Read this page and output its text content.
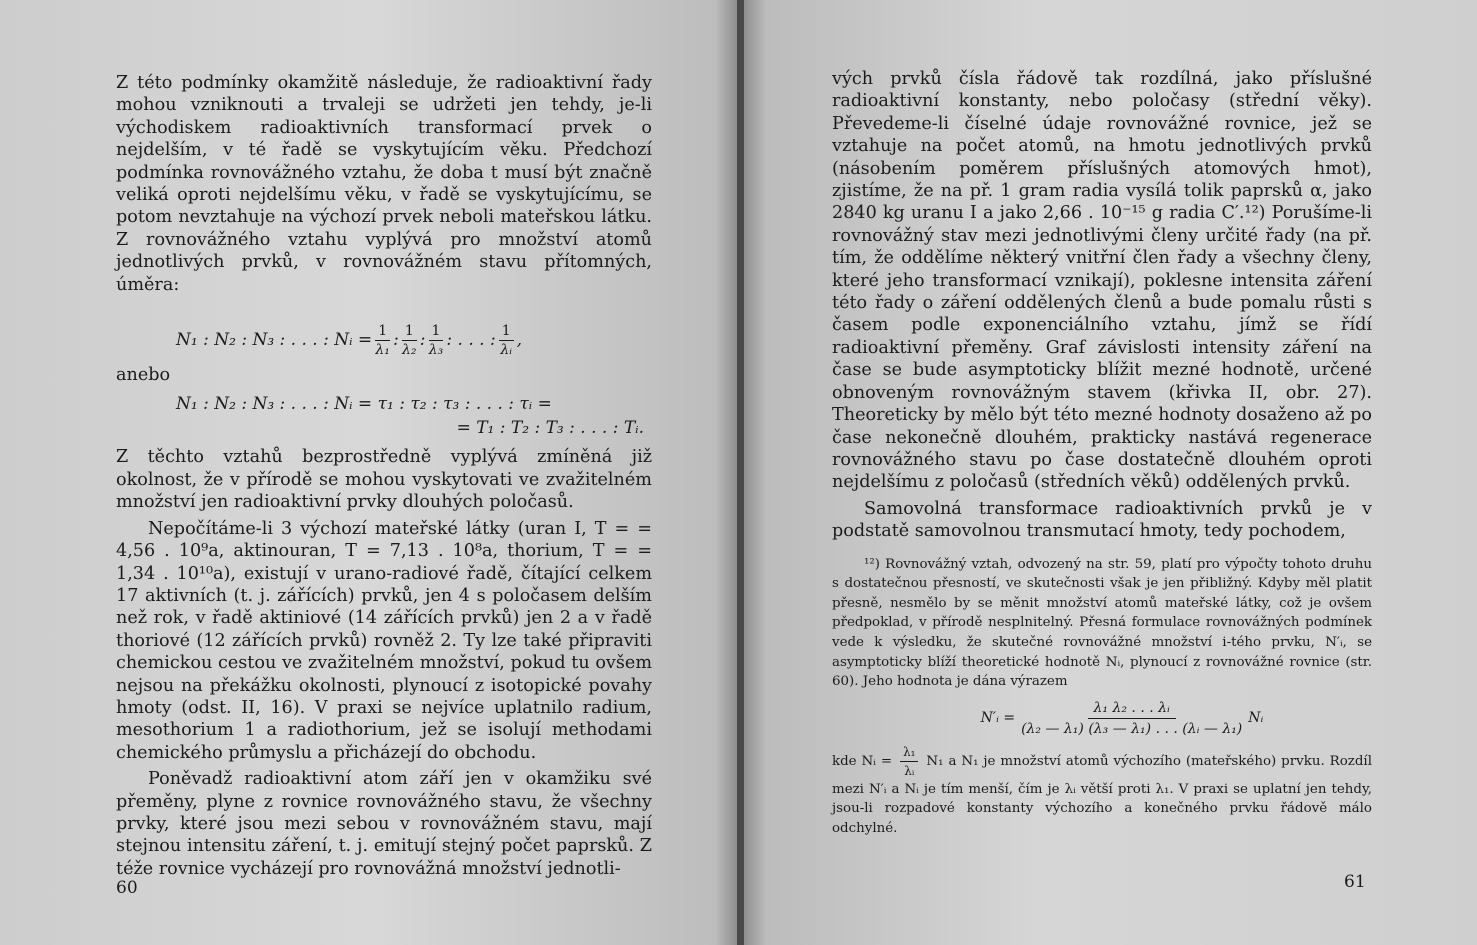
Z této podmínky okamžitě následuje, že radioaktivní řady mohou vzniknouti a trvaleji se udržeti jen tehdy, je-li východiskem radioaktivních transformací prvek o nejdelším, v té řadě se vyskytujícím věku. Předchozí podmínka rovnovážného vztahu, že doba t musí být značně veliká oproti nejdelšímu věku, v řadě se vyskytujícímu, se potom nevztahuje na výchozí prvek neboli mateřskou látku. Z rovnovážného vztahu vyplývá pro množství atomů jednotlivých prvků, v rovnovážném stavu přítomných, úměra:

N₁ : N₂ : N₃ : . . . : Nᵢ = $\frac{1}{\text{λ₁}}$ : $\frac{1}{\text{λ₂}}$ : $\frac{1}{\text{λ₃}}$ : . . . : $\frac{1}{\text{λᵢ}}$ ,

anebo

N₁ : N₂ : N₃ : . . . : Nᵢ = τ₁ : τ₂ : τ₃ : . . . : τᵢ =
= T₁ : T₂ : T₃ : . . . : Tᵢ.

Z těchto vztahů bezprostředně vyplývá zmíněná již okolnost, že v přírodě se mohou vyskytovati ve zvažitelném množství jen radioaktivní prvky dlouhých poločasů.

Nepočítáme-li 3 výchozí mateřské látky (uran I, T = = 4,56 . 10⁹a, aktinouran, T = 7,13 . 10⁸a, thorium, T = = 1,34 . 10¹⁰a), existují v urano-radiové řadě, čítající celkem 17 aktivních (t. j. zářících) prvků, jen 4 s poločasem delším než rok, v řadě aktiniové (14 zářících prvků) jen 2 a v řadě thoriové (12 zářících prvků) rovněž 2. Ty lze také připraviti chemickou cestou ve zvažitelném množství, pokud tu ovšem nejsou na překážku okolnosti, plynoucí z isotopické povahy hmoty (odst. II, 16). V praxi se nejvíce uplatnilo radium, mesothorium 1 a radiothorium, jež se isolují methodami chemického průmyslu a přicházejí do obchodu.

Poněvadž radioaktivní atom září jen v okamžiku své přeměny, plyne z rovnice rovnovážného stavu, že všechny prvky, které jsou mezi sebou v rovnovážném stavu, mají stejnou intensitu záření, t. j. emitují stejný počet paprsků. Z téže rovnice vycházejí pro rovnovážná množství jednotli-

60

vých prvků čísla řádově tak rozdílná, jako příslušné radioaktivní konstanty, nebo poločasy (střední věky). Převedeme-li číselné údaje rovnovážné rovnice, jež se vztahuje na počet atomů, na hmotu jednotlivých prvků (násobením poměrem příslušných atomových hmot), zjistíme, že na př. 1 gram radia vysílá tolik paprsků α, jako 2840 kg uranu I a jako 2,66 . 10⁻¹⁵ g radia C′.¹²) Porušíme-li rovnovážný stav mezi jednotlivými členy určité řady (na př. tím, že oddělíme některý vnitřní člen řady a všechny členy, které jeho transformací vznikají), poklesne intensita záření této řady o záření oddělených členů a bude pomalu růsti s časem podle exponenciálního vztahu, jímž se řídí radioaktivní přeměny. Graf závislosti intensity záření na čase se bude asymptoticky blížit mezné hodnotě, určené obnoveným rovnovážným stavem (křivka II, obr. 27). Theoreticky by mělo být této mezné hodnoty dosaženo až po čase nekonečně dlouhém, prakticky nastává regenerace rovnovážného stavu po čase dostatečně dlouhém oproti nejdelšímu z poločasů (středních věků) oddělených prvků.

Samovolná transformace radioaktivních prvků je v podstatě samovolnou transmutací hmoty, tedy pochodem,

¹²) Rovnovážný vztah, odvozený na str. 59, platí pro výpočty tohoto druhu s dostatečnou přesností, ve skutečnosti však je jen přibližný. Kdyby měl platit přesně, nesmělo by se měnit množství atomů mateřské látky, což je ovšem předpoklad, v přírodě nesplnitelný. Přesná formulace rovnovážných podmínek vede k výsledku, že skutečné rovnovážné množství i-tého prvku, N′ᵢ, se asymptoticky blíží theoretické hodnotě Nᵢ, plynoucí z rovnovážné rovnice (str. 60). Jeho hodnota je dána výrazem

N′ᵢ = $\frac{\text{λ₁ λ₂ . . . λᵢ}}{\text{(λ₂ — λ₁) (λ₃ — λ₁) . . . (λᵢ — λ₁)}}$ Nᵢ

kde Nᵢ = $\frac{\text{λ₁}}{\text{λᵢ}} N_1$ a N₁ je množství atomů výchozího (mateřského) prvku. Rozdíl mezi N′ᵢ a Nᵢ je tím menší, čím je λᵢ větší proti λ₁. V praxi se uplatní jen tehdy, jsou-li rozpadové konstanty výchozího a konečného prvku řádově málo odchylné.

61
